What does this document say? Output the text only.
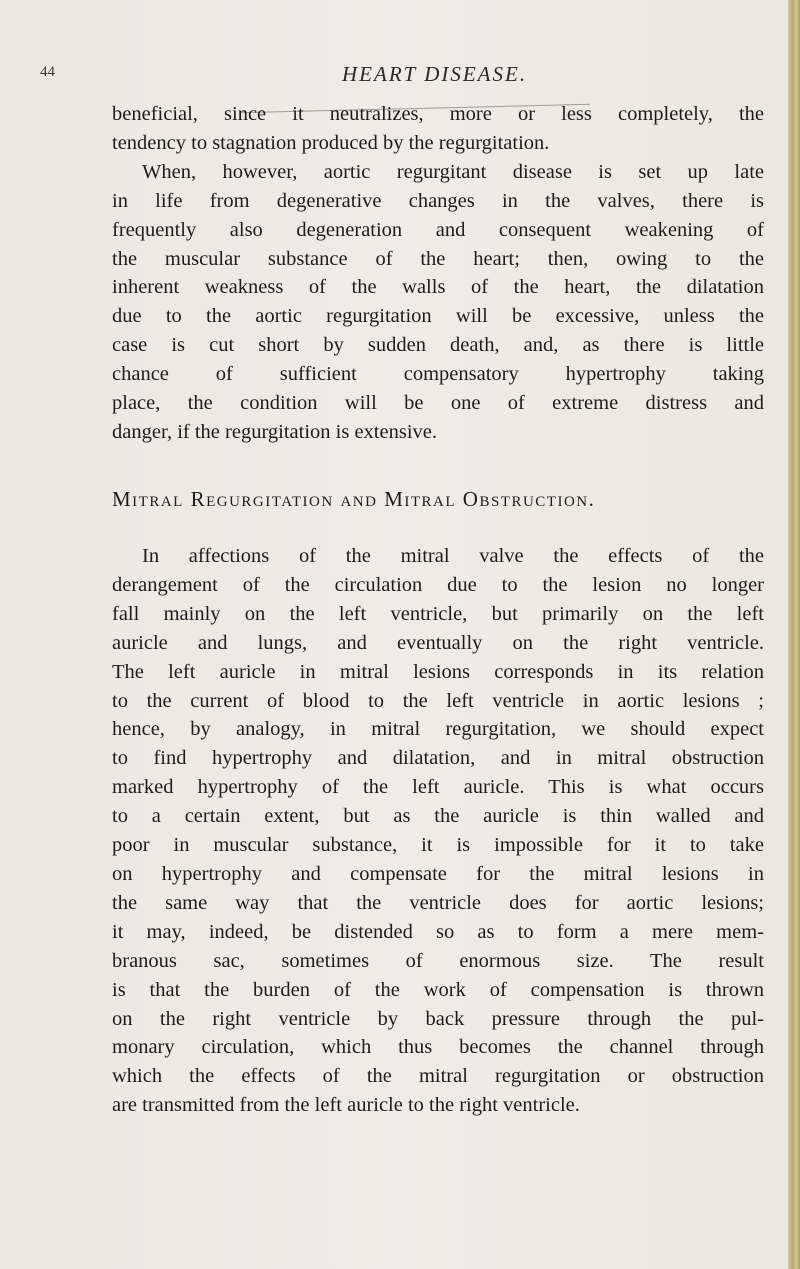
44	HEART DISEASE.
beneficial, since it neutralizes, more or less completely, the
tendency to stagnation produced by the regurgitation.
When, however, aortic regurgitant disease is set up late
in life from degenerative changes in the valves, there is
frequently also degeneration and consequent weakening of
the muscular substance of the heart; then, owing to the
inherent weakness of the walls of the heart, the dilatation
due to the aortic regurgitation will be excessive, unless the
case is cut short by sudden death, and, as there is little
chance of sufficient compensatory hypertrophy taking
place, the condition will be one of extreme distress and
danger, if the regurgitation is extensive.
Mitral Regurgitation and Mitral Obstruction.
In affections of the mitral valve the effects of the
derangement of the circulation due to the lesion no longer
fall mainly on the left ventricle, but primarily on the left
auricle and lungs, and eventually on the right ventricle.
The left auricle in mitral lesions corresponds in its relation
to the current of blood to the left ventricle in aortic lesions ;
hence, by analogy, in mitral regurgitation, we should expect
to find hypertrophy and dilatation, and in mitral obstruction
marked hypertrophy of the left auricle. This is what occurs
to a certain extent, but as the auricle is thin walled and
poor in muscular substance, it is impossible for it to take
on hypertrophy and compensate for the mitral lesions in
the same way that the ventricle does for aortic lesions;
it may, indeed, be distended so as to form a mere mem-
branous sac, sometimes of enormous size. The result
is that the burden of the work of compensation is thrown
on the right ventricle by back pressure through the pul-
monary circulation, which thus becomes the channel through
which the effects of the mitral regurgitation or obstruction
are transmitted from the left auricle to the right ventricle.
